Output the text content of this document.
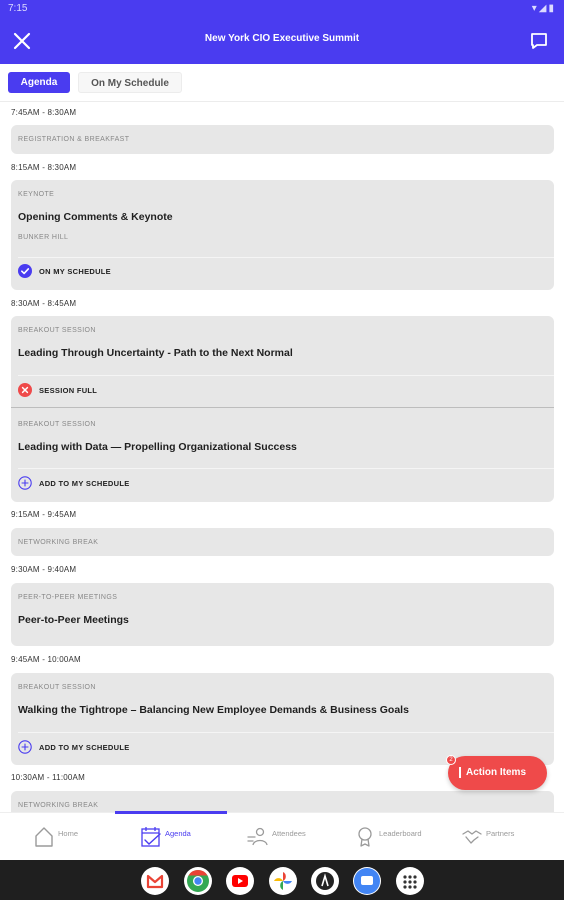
7:15	▾◢▮
New York CIO Executive Summit
Agenda	On My Schedule
7:45AM - 8:30AM
REGISTRATION & BREAKFAST
8:15AM - 8:30AM
KEYNOTE
Opening Comments & Keynote
BUNKER HILL
ON MY SCHEDULE
8:30AM - 8:45AM
BREAKOUT SESSION
Leading Through Uncertainty - Path to the Next Normal
SESSION FULL
BREAKOUT SESSION
Leading with Data — Propelling Organizational Success
ADD TO MY SCHEDULE
9:15AM - 9:45AM
NETWORKING BREAK
9:30AM - 9:40AM
PEER-TO-PEER MEETINGS
Peer-to-Peer Meetings
9:45AM - 10:00AM
BREAKOUT SESSION
Walking the Tightrope – Balancing New Employee Demands & Business Goals
ADD TO MY SCHEDULE
10:30AM - 11:00AM
NETWORKING BREAK
2
Action Items
Home	Agenda	Attendees	Leaderboard	Partners
